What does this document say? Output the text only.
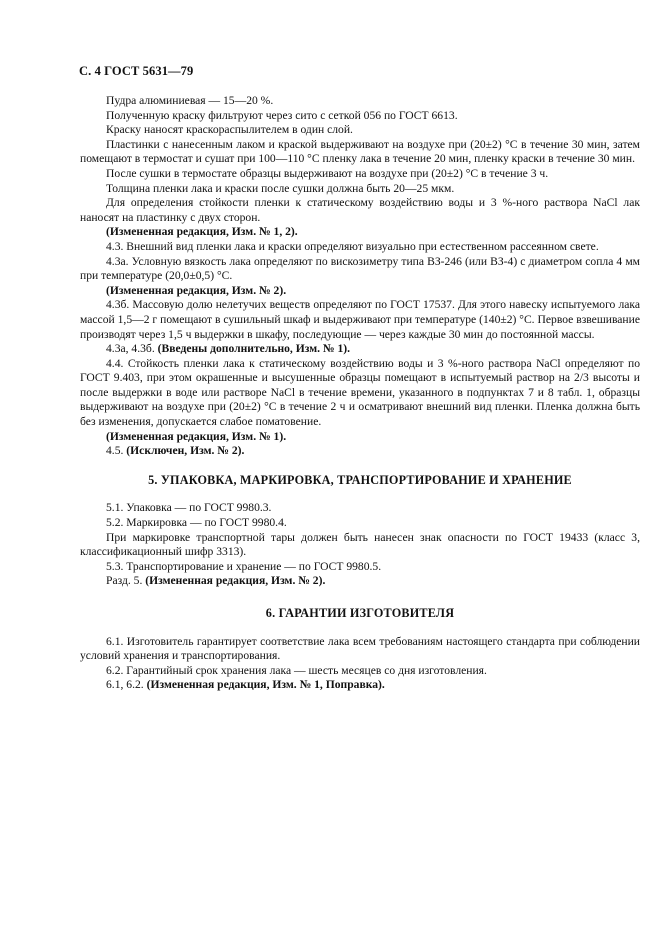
С. 4 ГОСТ 5631—79

Пудра алюминиевая — 15—20 %.

Полученную краску фильтруют через сито с сеткой 056 по ГОСТ 6613.

Краску наносят краскораспылителем в один слой.

Пластинки с нанесенным лаком и краской выдерживают на воздухе при (20±2) °С в течение 30 мин, затем помещают в термостат и сушат при 100—110 °С пленку лака в течение 20 мин, пленку краски в течение 30 мин.

После сушки в термостате образцы выдерживают на воздухе при (20±2) °С в течение 3 ч.

Толщина пленки лака и краски после сушки должна быть 20—25 мкм.

Для определения стойкости пленки к статическому воздействию воды и 3 %-ного раствора NaCl лак наносят на пластинку с двух сторон.

(Измененная редакция, Изм. № 1, 2).

4.3. Внешний вид пленки лака и краски определяют визуально при естественном рассеянном свете.

4.3а. Условную вязкость лака определяют по вискозиметру типа ВЗ-246 (или ВЗ-4) с диаметром сопла 4 мм при температуре (20,0±0,5) °С.

(Измененная редакция, Изм. № 2).

4.3б. Массовую долю нелетучих веществ определяют по ГОСТ 17537. Для этого навеску испытуемого лака массой 1,5—2 г помещают в сушильный шкаф и выдерживают при температуре (140±2) °С. Первое взвешивание производят через 1,5 ч выдержки в шкафу, последующие — через каждые 30 мин до постоянной массы.

4.3а, 4.3б. (Введены дополнительно, Изм. № 1).

4.4. Стойкость пленки лака к статическому воздействию воды и 3 %-ного раствора NaCl определяют по ГОСТ 9.403, при этом окрашенные и высушенные образцы помещают в испытуемый раствор на 2/3 высоты и после выдержки в воде или растворе NaCl в течение времени, указанного в подпунктах 7 и 8 табл. 1, образцы выдерживают на воздухе при (20±2) °С в течение 2 ч и осматривают внешний вид пленки. Пленка должна быть без изменения, допускается слабое поматовение.

(Измененная редакция, Изм. № 1).

4.5. (Исключен, Изм. № 2).

5. УПАКОВКА, МАРКИРОВКА, ТРАНСПОРТИРОВАНИЕ И ХРАНЕНИЕ

5.1. Упаковка — по ГОСТ 9980.3.

5.2. Маркировка — по ГОСТ 9980.4.

При маркировке транспортной тары должен быть нанесен знак опасности по ГОСТ 19433 (класс 3, классификационный шифр 3313).

5.3. Транспортирование и хранение — по ГОСТ 9980.5.

Разд. 5. (Измененная редакция, Изм. № 2).

6. ГАРАНТИИ ИЗГОТОВИТЕЛЯ

6.1. Изготовитель гарантирует соответствие лака всем требованиям настоящего стандарта при соблюдении условий хранения и транспортирования.

6.2. Гарантийный срок хранения лака — шесть месяцев со дня изготовления.

6.1, 6.2. (Измененная редакция, Изм. № 1, Поправка).
